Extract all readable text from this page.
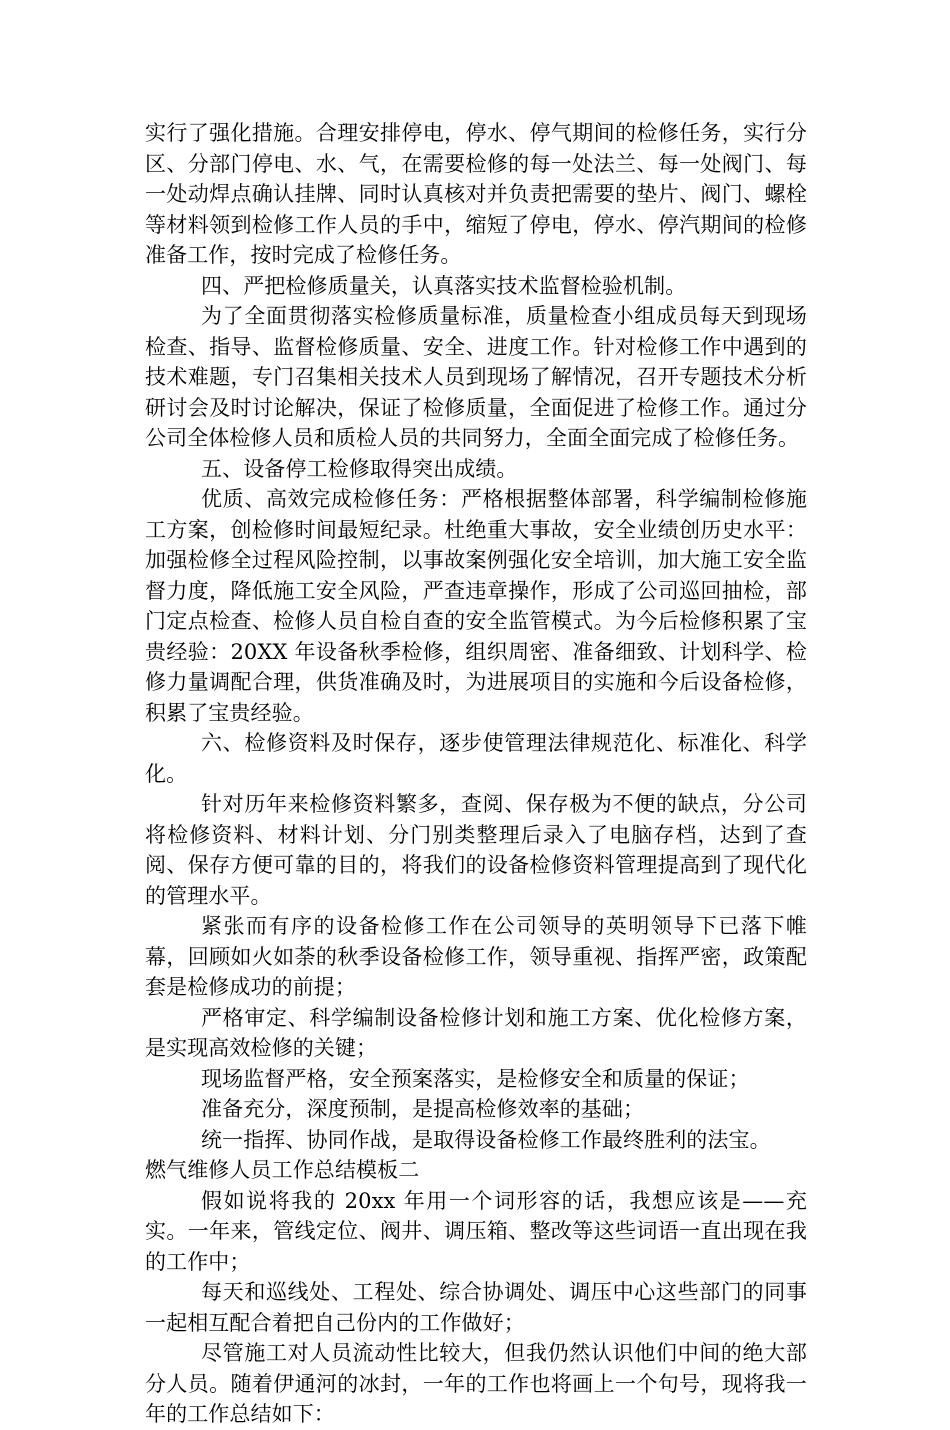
实行了强化措施。合理安排停电，停水、停气期间的检修任务，实行分区、分部门停电、水、气，在需要检修的每一处法兰、每一处阀门、每一处动焊点确认挂牌、同时认真核对并负责把需要的垫片、阀门、螺栓等材料领到检修工作人员的手中，缩短了停电，停水、停汽期间的检修准备工作，按时完成了检修任务。

四、严把检修质量关，认真落实技术监督检验机制。

为了全面贯彻落实检修质量标准，质量检查小组成员每天到现场检查、指导、监督检修质量、安全、进度工作。针对检修工作中遇到的技术难题，专门召集相关技术人员到现场了解情况，召开专题技术分析研讨会及时讨论解决，保证了检修质量，全面促进了检修工作。通过分公司全体检修人员和质检人员的共同努力，全面全面完成了检修任务。

五、设备停工检修取得突出成绩。

优质、高效完成检修任务：严格根据整体部署，科学编制检修施工方案，创检修时间最短纪录。杜绝重大事故，安全业绩创历史水平：加强检修全过程风险控制，以事故案例强化安全培训，加大施工安全监督力度，降低施工安全风险，严查违章操作，形成了公司巡回抽检，部门定点检查、检修人员自检自查的安全监管模式。为今后检修积累了宝贵经验：20XX 年设备秋季检修，组织周密、准备细致、计划科学、检修力量调配合理，供货准确及时，为进展项目的实施和今后设备检修，积累了宝贵经验。

六、检修资料及时保存，逐步使管理法律规范化、标准化、科学化。

针对历年来检修资料繁多，查阅、保存极为不便的缺点，分公司将检修资料、材料计划、分门别类整理后录入了电脑存档，达到了查阅、保存方便可靠的目的，将我们的设备检修资料管理提高到了现代化的管理水平。

紧张而有序的设备检修工作在公司领导的英明领导下已落下帷幕，回顾如火如荼的秋季设备检修工作，领导重视、指挥严密，政策配套是检修成功的前提；

严格审定、科学编制设备检修计划和施工方案、优化检修方案，是实现高效检修的关键；

现场监督严格，安全预案落实，是检修安全和质量的保证；

准备充分，深度预制，是提高检修效率的基础；

统一指挥、协同作战，是取得设备检修工作最终胜利的法宝。

燃气维修人员工作总结模板二

假如说将我的 20xx 年用一个词形容的话，我想应该是——充实。一年来，管线定位、阀井、调压箱、整改等这些词语一直出现在我的工作中；

每天和巡线处、工程处、综合协调处、调压中心这些部门的同事一起相互配合着把自己份内的工作做好；

尽管施工对人员流动性比较大，但我仍然认识他们中间的绝大部分人员。随着伊通河的冰封，一年的工作也将画上一个句号，现将我一年的工作总结如下：
